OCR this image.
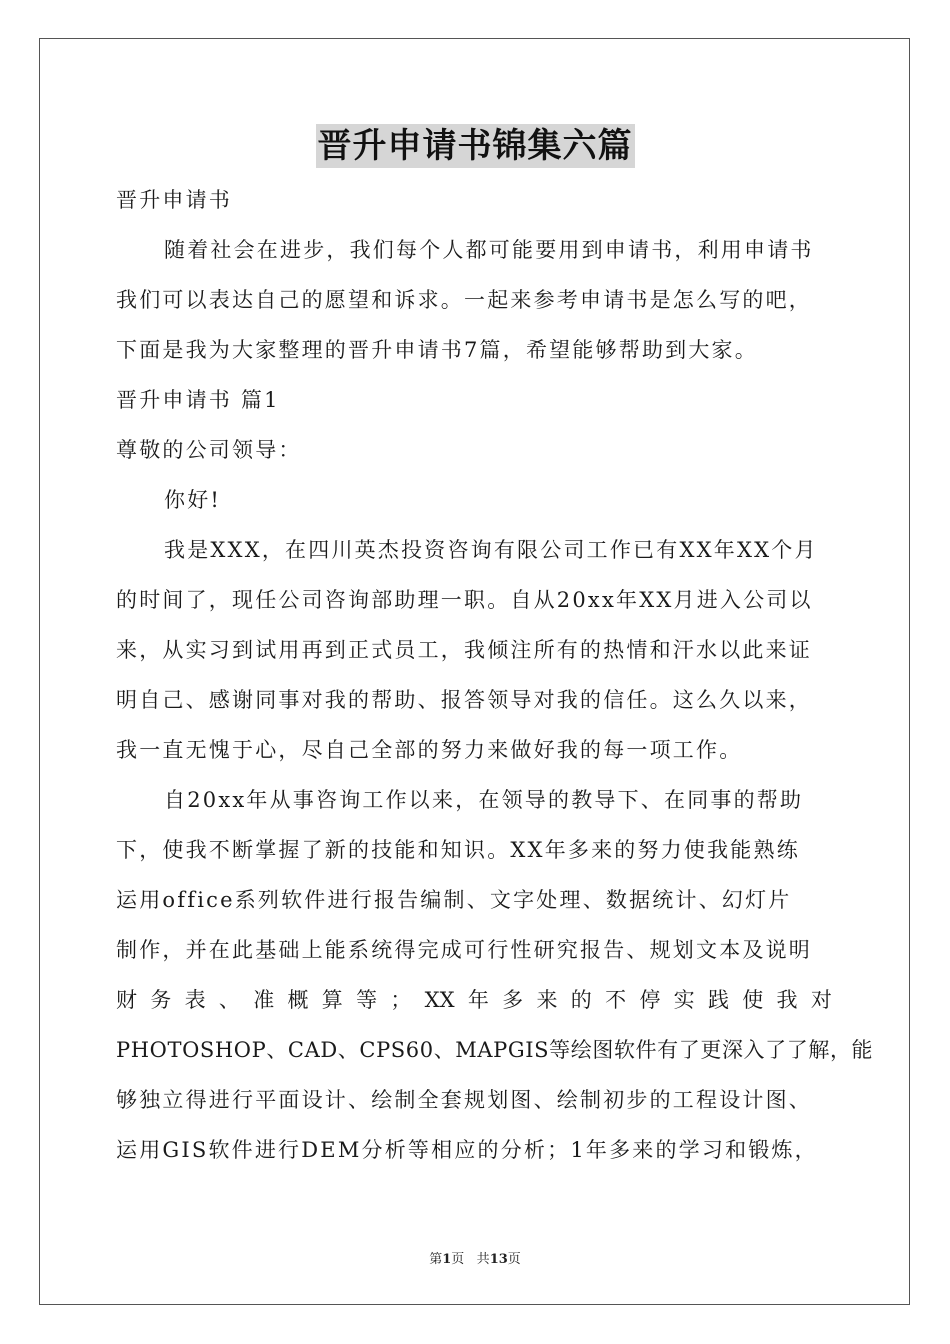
晋升申请书锦集六篇
晋升申请书
随着社会在进步，我们每个人都可能要用到申请书，利用申请书
我们可以表达自己的愿望和诉求。一起来参考申请书是怎么写的吧，
下面是我为大家整理的晋升申请书7篇，希望能够帮助到大家。
晋升申请书 篇1
尊敬的公司领导：
你好!
我是XXX，在四川英杰投资咨询有限公司工作已有XX年XX个月
的时间了，现任公司咨询部助理一职。自从20xx年XX月进入公司以
来，从实习到试用再到正式员工，我倾注所有的热情和汗水以此来证
明自己、感谢同事对我的帮助、报答领导对我的信任。这么久以来，
我一直无愧于心，尽自己全部的努力来做好我的每一项工作。
自20xx年从事咨询工作以来，在领导的教导下、在同事的帮助
下，使我不断掌握了新的技能和知识。XX年多来的努力使我能熟练
运用office系列软件进行报告编制、文字处理、数据统计、幻灯片
制作，并在此基础上能系统得完成可行性研究报告、规划文本及说明
财 务 表 、 准 概 算 等 ； XX 年 多 来 的 不 停 实 践 使 我 对
PHOTOSHOP、CAD、CPS60、MAPGIS等绘图软件有了更深入了了解，能
够独立得进行平面设计、绘制全套规划图、绘制初步的工程设计图、
运用GIS软件进行DEM分析等相应的分析；1年多来的学习和锻炼，
第1页 共13页
